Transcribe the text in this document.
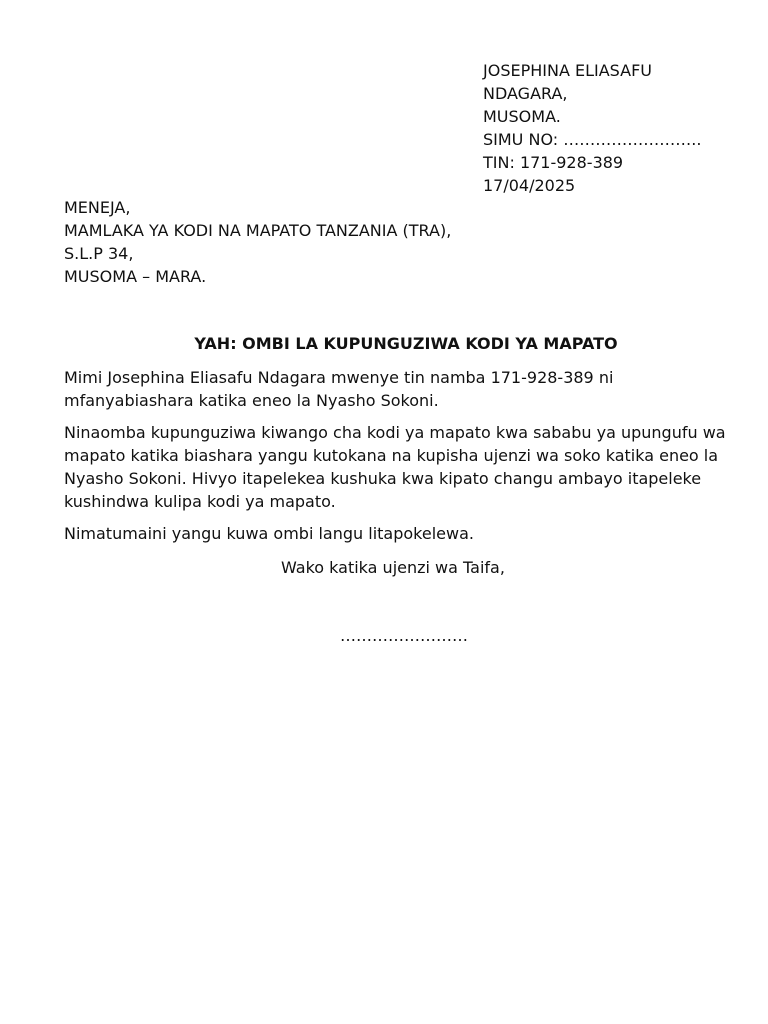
JOSEPHINA ELIASAFU
NDAGARA,
MUSOMA.
SIMU NO: ……………………..
TIN: 171-928-389
17/04/2025
MENEJA,
MAMLAKA YA KODI NA MAPATO TANZANIA (TRA),
S.L.P 34,
MUSOMA – MARA.
YAH: OMBI LA KUPUNGUZIWA KODI YA MAPATO

Mimi Josephina Eliasafu Ndagara mwenye tin namba 171-928-389 ni mfanyabiashara katika eneo la Nyasho Sokoni.

Ninaomba kupunguziwa kiwango cha kodi ya mapato kwa sababu ya upungufu wa mapato katika biashara yangu kutokana na kupisha ujenzi wa soko katika eneo la Nyasho Sokoni. Hivyo itapelekea kushuka kwa kipato changu ambayo itapeleke kushindwa kulipa kodi ya mapato.

Nimatumaini yangu kuwa ombi langu litapokelewa.

Wako katika ujenzi wa Taifa,
……………………
